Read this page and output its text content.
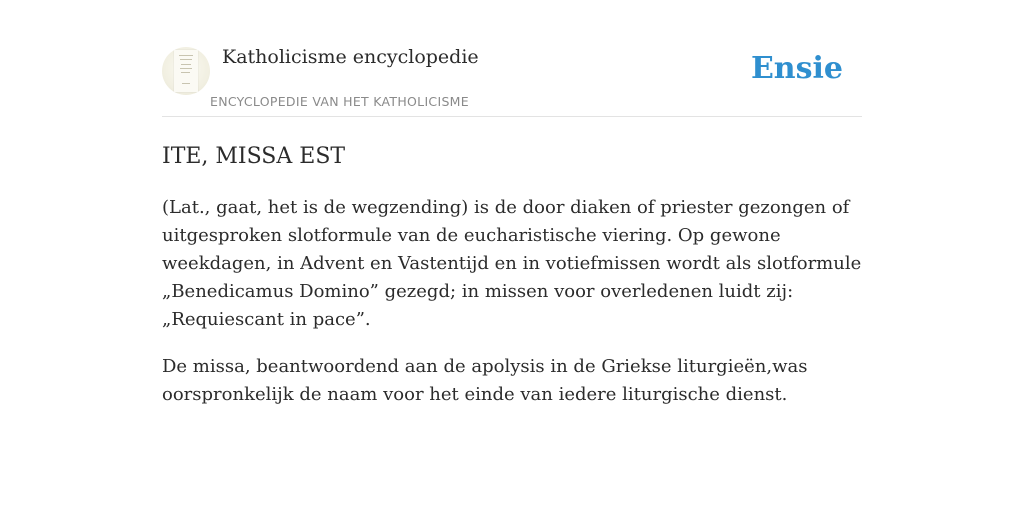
Katholicisme encyclopedie
ENCYCLOPEDIE VAN HET KATHOLICISME
Ensie
ITE, MISSA EST

(Lat., gaat, het is de wegzending) is de door diaken of priester gezongen of uitgesproken slotformule van de eucharistische viering. Op gewone weekdagen, in Advent en Vastentijd en in votiefmissen wordt als slotformule „Benedicamus Domino” gezegd; in missen voor overledenen luidt zij: „Requiescant in pace”.

De missa, beantwoordend aan de apolysis in de Griekse liturgieën,was oorspronkelijk de naam voor het einde van iedere liturgische dienst.
